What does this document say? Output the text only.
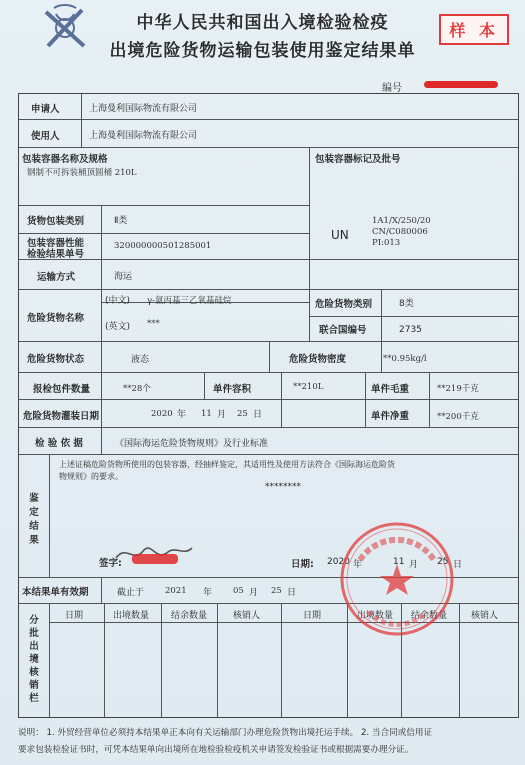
中华人民共和国出入境检验检疫
出境危险货物运输包装使用鉴定结果单
样 本
编号
申请人	上海曼利国际物流有限公司
使用人	上海曼利国际物流有限公司
包装容器名称及规格
钢制不可拆装桶顶圆桶 210L
包装容器标记及批号
UN
1A1/X/250/20
CN/C080006
PI:013
货物包装类别	Ⅱ类
包装容器性能
检验结果单号
320000000501285001
运输方式	海运
危险货物名称
(中文) γ-氨丙基三乙氧基硅烷
(英文) ***
危险货物类别	8类
联合国编号	2735
危险货物状态	液态	危险货物密度	**0.95kg/l
报检包件数量	**28个	单件容积	**210L	单件毛重	**219千克
危险货物灌装日期	2020 年 11 月 25 日	单件净重	**200千克
检 验 依 据	《国际海运危险货物规则》及行业标准
鉴定结果
上述证稿危险货物所使用的包装容器，经抽样鉴定，其适用性及使用方法符合《国际海运危险货
物规则》的要求。
********
签字:	日期: 2020 年	11 月 25 日
本结果单有效期	截止于 2021 年 05 月 25 日
分批出境核销栏
日期	出境数量 结余数量	核销人	日期	出境数量 结余数量	核销人
说明： 1. 外贸经营单位必须持本结果单正本向有关运输部门办理危险货物出境托运手续。 2. 当合同或信用证
要求包装检验证书时，可凭本结果单向出境所在地检验检疫机关申请签发检验证书或根据需要办理分证。
